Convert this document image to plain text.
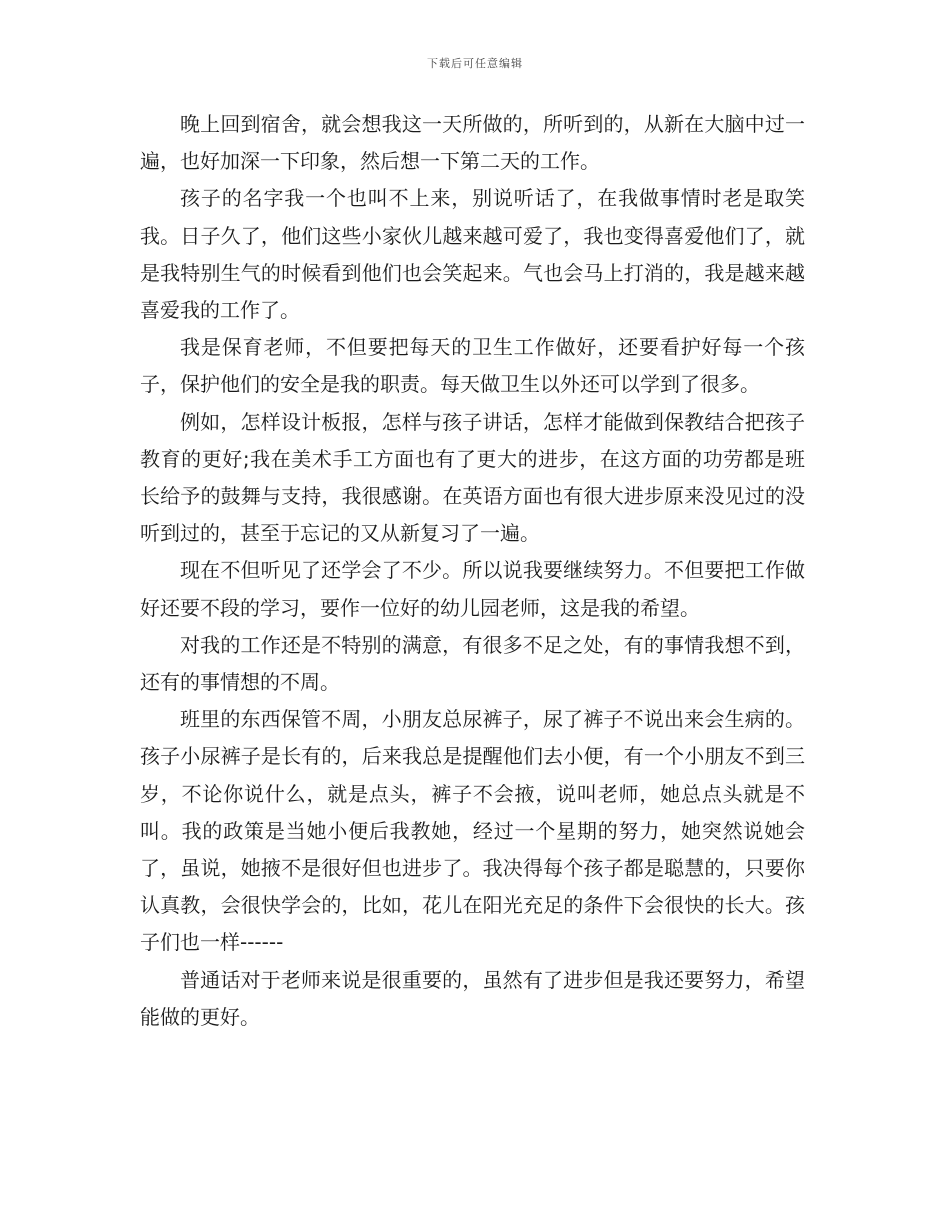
下载后可任意编辑

晚上回到宿舍，就会想我这一天所做的，所听到的，从新在大脑中过一遍，也好加深一下印象，然后想一下第二天的工作。

孩子的名字我一个也叫不上来，别说听话了，在我做事情时老是取笑我。日子久了，他们这些小家伙儿越来越可爱了，我也变得喜爱他们了，就是我特别生气的时候看到他们也会笑起来。气也会马上打消的，我是越来越喜爱我的工作了。

我是保育老师，不但要把每天的卫生工作做好，还要看护好每一个孩子，保护他们的安全是我的职责。每天做卫生以外还可以学到了很多。

例如，怎样设计板报，怎样与孩子讲话，怎样才能做到保教结合把孩子教育的更好;我在美术手工方面也有了更大的进步，在这方面的功劳都是班长给予的鼓舞与支持，我很感谢。在英语方面也有很大进步原来没见过的没听到过的，甚至于忘记的又从新复习了一遍。

现在不但听见了还学会了不少。所以说我要继续努力。不但要把工作做好还要不段的学习，要作一位好的幼儿园老师，这是我的希望。

对我的工作还是不特别的满意，有很多不足之处，有的事情我想不到，还有的事情想的不周。

班里的东西保管不周，小朋友总尿裤子，尿了裤子不说出来会生病的。孩子小尿裤子是长有的，后来我总是提醒他们去小便，有一个小朋友不到三岁，不论你说什么，就是点头，裤子不会掖，说叫老师，她总点头就是不叫。我的政策是当她小便后我教她，经过一个星期的努力，她突然说她会了，虽说，她掖不是很好但也进步了。我决得每个孩子都是聪慧的，只要你认真教，会很快学会的，比如，花儿在阳光充足的条件下会很快的长大。孩子们也一样------

普通话对于老师来说是很重要的，虽然有了进步但是我还要努力，希望能做的更好。
